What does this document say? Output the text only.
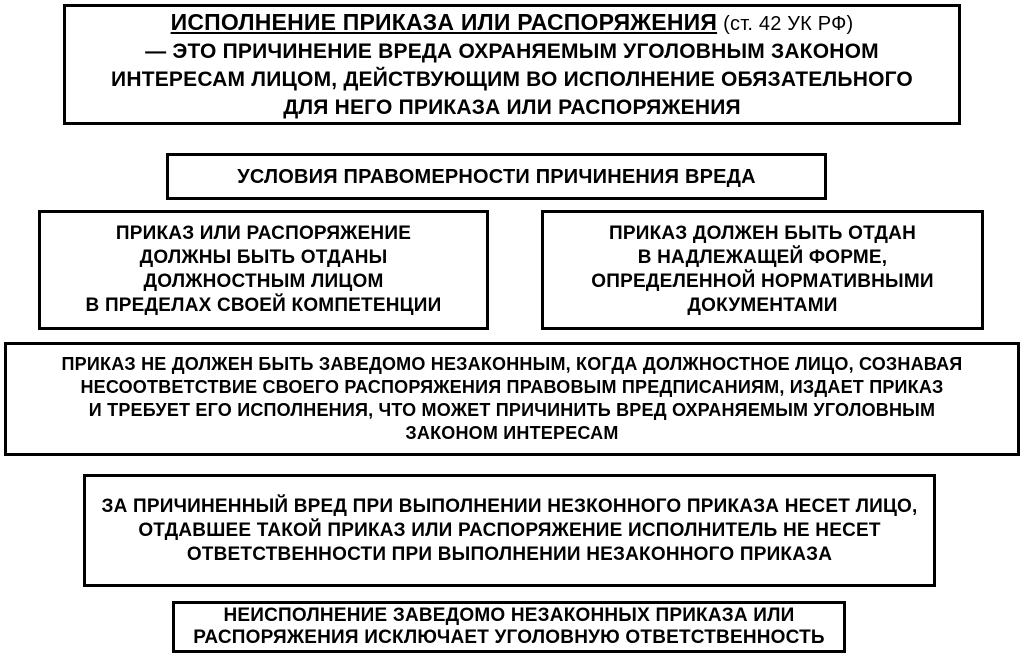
ИСПОЛНЕНИЕ ПРИКАЗА ИЛИ РАСПОРЯЖЕНИЯ (ст. 42 УК РФ)
— ЭТО ПРИЧИНЕНИЕ ВРЕДА ОХРАНЯЕМЫМ УГОЛОВНЫМ ЗАКОНОМ
ИНТЕРЕСАМ ЛИЦОМ, ДЕЙСТВУЮЩИМ ВО ИСПОЛНЕНИЕ ОБЯЗАТЕЛЬНОГО
ДЛЯ НЕГО ПРИКАЗА ИЛИ РАСПОРЯЖЕНИЯ
УСЛОВИЯ ПРАВОМЕРНОСТИ ПРИЧИНЕНИЯ ВРЕДА
ПРИКАЗ ИЛИ РАСПОРЯЖЕНИЕ
ДОЛЖНЫ БЫТЬ ОТДАНЫ
ДОЛЖНОСТНЫМ ЛИЦОМ
В ПРЕДЕЛАХ СВОЕЙ КОМПЕТЕНЦИИ
ПРИКАЗ ДОЛЖЕН БЫТЬ ОТДАН
В НАДЛЕЖАЩЕЙ ФОРМЕ,
ОПРЕДЕЛЕННОЙ НОРМАТИВНЫМИ
ДОКУМЕНТАМИ
ПРИКАЗ НЕ ДОЛЖЕН БЫТЬ ЗАВЕДОМО НЕЗАКОННЫМ, КОГДА ДОЛЖНОСТНОЕ ЛИЦО, СОЗНАВАЯ
НЕСООТВЕТСТВИЕ СВОЕГО РАСПОРЯЖЕНИЯ ПРАВОВЫМ ПРЕДПИСАНИЯМ, ИЗДАЕТ ПРИКАЗ
И ТРЕБУЕТ ЕГО ИСПОЛНЕНИЯ, ЧТО МОЖЕТ ПРИЧИНИТЬ ВРЕД ОХРАНЯЕМЫМ УГОЛОВНЫМ
ЗАКОНОМ ИНТЕРЕСАМ
ЗА ПРИЧИНЕННЫЙ ВРЕД ПРИ ВЫПОЛНЕНИИ НЕЗКОННОГО ПРИКАЗА НЕСЕТ ЛИЦО,
ОТДАВШЕЕ ТАКОЙ ПРИКАЗ ИЛИ РАСПОРЯЖЕНИЕ ИСПОЛНИТЕЛЬ НЕ НЕСЕТ
ОТВЕТСТВЕННОСТИ ПРИ ВЫПОЛНЕНИИ НЕЗАКОННОГО ПРИКАЗА
НЕИСПОЛНЕНИЕ ЗАВЕДОМО НЕЗАКОННЫХ ПРИКАЗА ИЛИ
РАСПОРЯЖЕНИЯ ИСКЛЮЧАЕТ УГОЛОВНУЮ ОТВЕТСТВЕННОСТЬ
